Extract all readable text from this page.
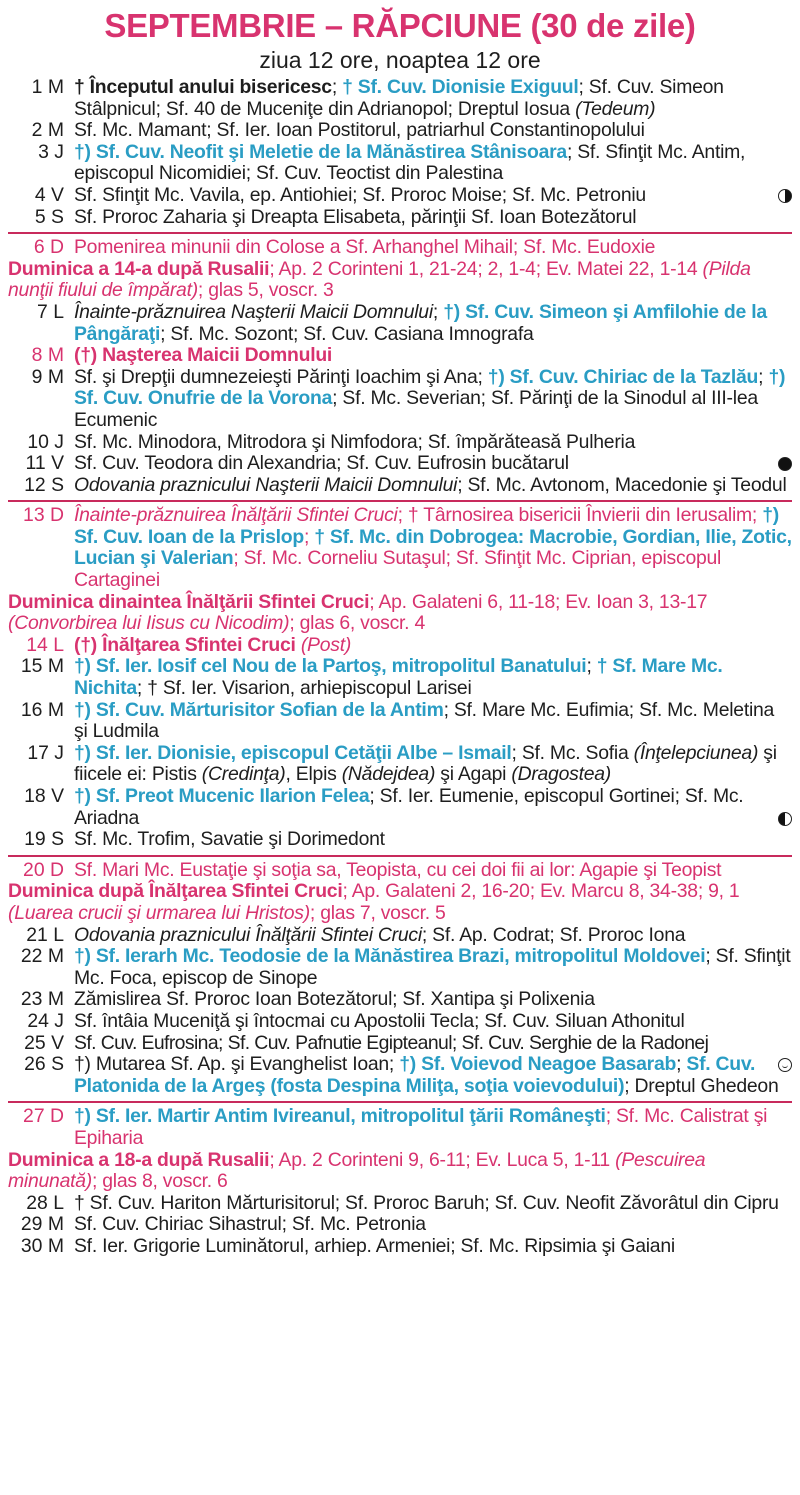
SEPTEMBRIE – RĂPCIUNE (30 de zile)
ziua 12 ore, noaptea 12 ore
1 M † Începutul anului bisericesc; † Sf. Cuv. Dionisie Exiguul; Sf. Cuv. Simeon Stâlpnicul; Sf. 40 de Muceniţe din Adrianopol; Dreptul Iosua (Tedeum)
2 M Sf. Mc. Mamant; Sf. Ier. Ioan Postitorul, patriarhul Constantinopolului
3 J †) Sf. Cuv. Neofit şi Meletie de la Mănăstirea Stânisoara; Sf. Sfinţit Mc. Antim, episcopul Nicomidiei; Sf. Cuv. Teoctist din Palestina
4 V Sf. Sfinţit Mc. Vavila, ep. Antiohiei; Sf. Proroc Moise; Sf. Mc. Petroniu
5 S Sf. Proroc Zaharia şi Dreapta Elisabeta, părinţii Sf. Ioan Botezătorul
6 D Pomenirea minunii din Colose a Sf. Arhanghel Mihail; Sf. Mc. Eudoxie
Duminica a 14-a după Rusalii; Ap. 2 Corinteni 1, 21-24; 2, 1-4; Ev. Matei 22, 1-14 (Pilda nunţii fiului de împărat); glas 5, voscr. 3
7 L Înainte-prăznuirea Naşterii Maicii Domnului; †) Sf. Cuv. Simeon şi Amfilohie de la Pângăraţi; Sf. Mc. Sozont; Sf. Cuv. Casiana Imnografa
8 M (†) Naşterea Maicii Domnului
9 M Sf. şi Drepţii dumnezeieşti Părinţi Ioachim şi Ana; †) Sf. Cuv. Chiriac de la Tazlău; †) Sf. Cuv. Onufrie de la Vorona; Sf. Mc. Severian; Sf. Părinţi de la Sinodul al III-lea Ecumenic
10 J Sf. Mc. Minodora, Mitrodora şi Nimfodora; Sf. împărăteasă Pulheria
11 V Sf. Cuv. Teodora din Alexandria; Sf. Cuv. Eufrosin bucătarul
12 S Odovania praznicului Naşterii Maicii Domnului; Sf. Mc. Avtonom, Macedonie şi Teodul
13 D Înainte-prăznuirea Înălţării Sfintei Cruci; † Târnosirea bisericii Învierii din Ierusalim; †) Sf. Cuv. Ioan de la Prislop; † Sf. Mc. din Dobrogea: Macrobie, Gordian, Ilie, Zotic, Lucian şi Valerian; Sf. Mc. Corneliu Sutaşul; Sf. Sfinţit Mc. Ciprian, episcopul Cartaginei
Duminica dinaintea Înălţării Sfintei Cruci; Ap. Galateni 6, 11-18; Ev. Ioan 3, 13-17 (Convorbirea lui Iisus cu Nicodim); glas 6, voscr. 4
14 L (†) Înălţarea Sfintei Cruci (Post)
15 M †) Sf. Ier. Iosif cel Nou de la Partoş, mitropolitul Banatului; † Sf. Mare Mc. Nichita; † Sf. Ier. Visarion, arhiepiscopul Larisei
16 M †) Sf. Cuv. Mărturisitor Sofian de la Antim; Sf. Mare Mc. Eufimia; Sf. Mc. Meletina şi Ludmila
17 J †) Sf. Ier. Dionisie, episcopul Cetăţii Albe – Ismail; Sf. Mc. Sofia (Înţelepciunea) şi fiicele ei: Pistis (Credinţa), Elpis (Nădejdea) şi Agapi (Dragostea)
18 V †) Sf. Preot Mucenic Ilarion Felea; Sf. Ier. Eumenie, episcopul Gortinei; Sf. Mc. Ariadna
19 S Sf. Mc. Trofim, Savatie şi Dorimedont
20 D Sf. Mari Mc. Eustaţie şi soţia sa, Teopista, cu cei doi fii ai lor: Agapie şi Teopist
Duminica după Înălţarea Sfintei Cruci; Ap. Galateni 2, 16-20; Ev. Marcu 8, 34-38; 9, 1 (Luarea crucii şi urmarea lui Hristos); glas 7, voscr. 5
21 L Odovania praznicului Înălţării Sfintei Cruci; Sf. Ap. Codrat; Sf. Proroc Iona
22 M †) Sf. Ierarh Mc. Teodosie de la Mănăstirea Brazi, mitropolitul Moldovei; Sf. Sfinţit Mc. Foca, episcop de Sinope
23 M Zămislirea Sf. Proroc Ioan Botezătorul; Sf. Xantipa şi Polixenia
24 J Sf. întâia Muceniţă şi întocmai cu Apostolii Tecla; Sf. Cuv. Siluan Athonitul
25 V Sf. Cuv. Eufrosina; Sf. Cuv. Pafnutie Egipteanul; Sf. Cuv. Serghie de la Radonej
26 S †) Mutarea Sf. Ap. şi Evanghelist Ioan; †) Sf. Voievod Neagoe Basarab; Sf. Cuv. Platonida de la Argeş (fosta Despina Miliţa, soţia voievodului); Dreptul Ghedeon
27 D †) Sf. Ier. Martir Antim Ivireanul, mitropolitul ţării Româneşti; Sf. Mc. Calistrat şi Epiharia
Duminica a 18-a după Rusalii; Ap. 2 Corinteni 9, 6-11; Ev. Luca 5, 1-11 (Pescuirea minunată); glas 8, voscr. 6
28 L † Sf. Cuv. Hariton Mărturisitorul; Sf. Proroc Baruh; Sf. Cuv. Neofit Zăvorâtul din Cipru
29 M Sf. Cuv. Chiriac Sihastrul; Sf. Mc. Petronia
30 M Sf. Ier. Grigorie Luminătorul, arhiep. Armeniei; Sf. Mc. Ripsimia şi Gaiani
